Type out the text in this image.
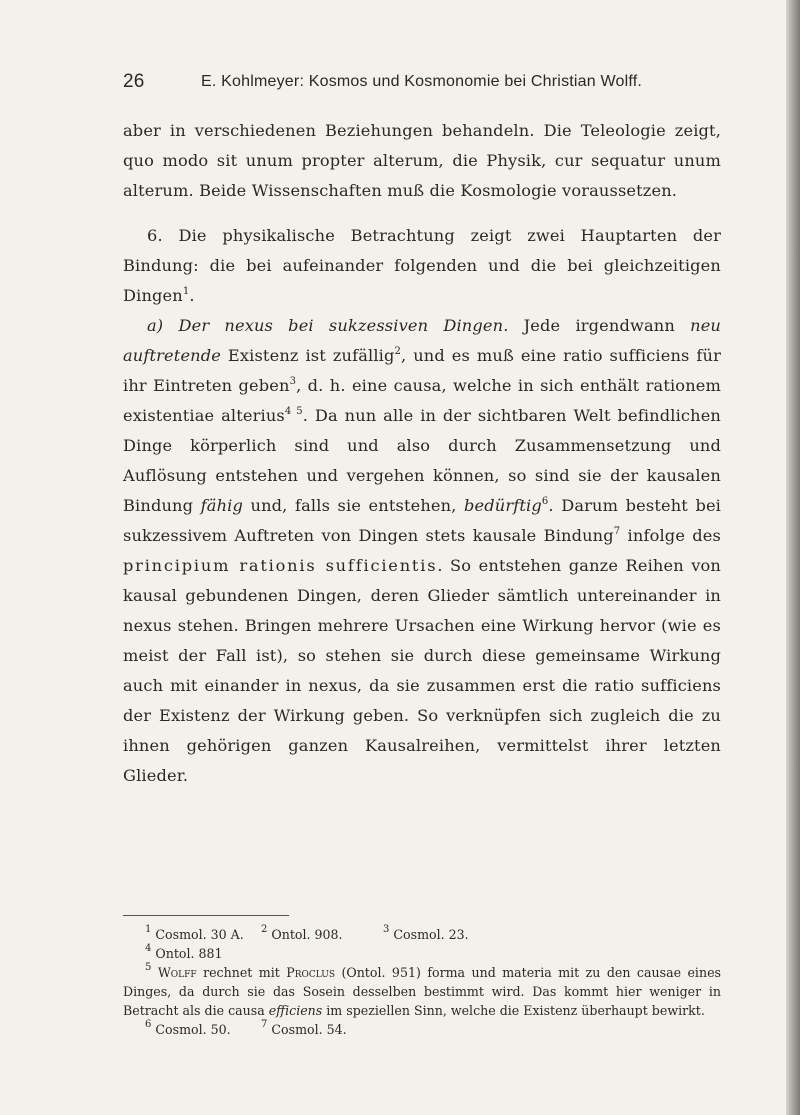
26	E. Kohlmeyer: Kosmos und Kosmonomie bei Christian Wolff.

aber in verschiedenen Beziehungen behandeln. Die Teleologie zeigt, quo modo sit unum propter alterum, die Physik, cur sequatur unum alterum. Beide Wissenschaften muß die Kosmologie voraussetzen.

6. Die physikalische Betrachtung zeigt zwei Hauptarten der Bindung: die bei aufeinander folgenden und die bei gleichzeitigen Dingen$^1$.

a) Der nexus bei sukzessiven Dingen. Jede irgendwann neu auftretende Existenz ist zufällig$^2$, und es muß eine ratio sufficiens für ihr Eintreten geben$^3$, d. h. eine causa, welche in sich enthält rationem existentiae alterius$^{4 5}$. Da nun alle in der sichtbaren Welt befindlichen Dinge körperlich sind und also durch Zusammensetzung und Auflösung entstehen und vergehen können, so sind sie der kausalen Bindung fähig und, falls sie entstehen, bedürftig$^6$. Darum besteht bei sukzessivem Auftreten von Dingen stets kausale Bindung$^7$ infolge des principium rationis sufficientis. So entstehen ganze Reihen von kausal gebundenen Dingen, deren Glieder sämtlich untereinander in nexus stehen. Bringen mehrere Ursachen eine Wirkung hervor (wie es meist der Fall ist), so stehen sie durch diese gemeinsame Wirkung auch mit einander in nexus, da sie zusammen erst die ratio sufficiens der Existenz der Wirkung geben. So verknüpfen sich zugleich die zu ihnen gehörigen ganzen Kausalreihen, vermittelst ihrer letzten Glieder.

$^1$ Cosmol. 30 A.	$^2$ Ontol. 908.	$^3$ Cosmol. 23.
$^4$ Ontol. 881

$^5$ Wolff rechnet mit Proclus (Ontol. 951) forma und materia mit zu den causae eines Dinges, da durch sie das Sosein desselben bestimmt wird. Das kommt hier weniger in Betracht als die causa efficiens im speziellen Sinn, welche die Existenz überhaupt bewirkt.

$^6$ Cosmol. 50.	$^7$ Cosmol. 54.
